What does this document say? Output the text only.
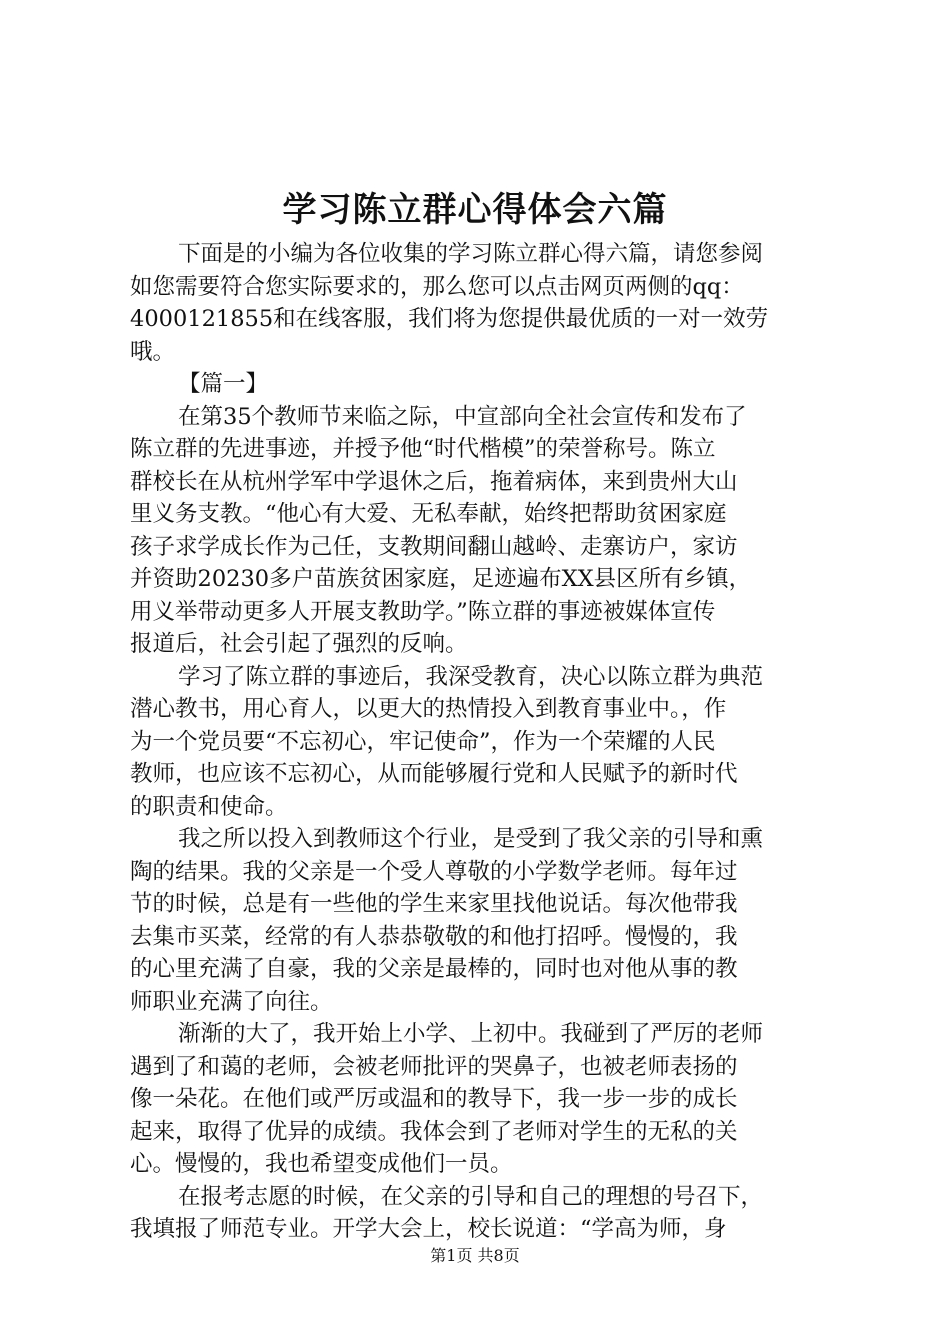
学习陈立群心得体会六篇
下面是的小编为各位收集的学习陈立群心得六篇，请您参阅
如您需要符合您实际要求的，那么您可以点击网页两侧的qq：
4000121855和在线客服，我们将为您提供最优质的一对一效劳
哦。
【篇一】
在第35个教师节来临之际，中宣部向全社会宣传和发布了
陈立群的先进事迹，并授予他“时代楷模”的荣誉称号。陈立
群校长在从杭州学军中学退休之后，拖着病体，来到贵州大山
里义务支教。“他心有大爱、无私奉献，始终把帮助贫困家庭
孩子求学成长作为己任，支教期间翻山越岭、走寨访户，家访
并资助20230多户苗族贫困家庭，足迹遍布XX县区所有乡镇，
用义举带动更多人开展支教助学。”陈立群的事迹被媒体宣传
报道后，社会引起了强烈的反响。
学习了陈立群的事迹后，我深受教育，决心以陈立群为典范
潜心教书，用心育人，以更大的热情投入到教育事业中。，作
为一个党员要“不忘初心，牢记使命”，作为一个荣耀的人民
教师，也应该不忘初心，从而能够履行党和人民赋予的新时代
的职责和使命。
我之所以投入到教师这个行业，是受到了我父亲的引导和熏
陶的结果。我的父亲是一个受人尊敬的小学数学老师。每年过
节的时候，总是有一些他的学生来家里找他说话。每次他带我
去集市买菜，经常的有人恭恭敬敬的和他打招呼。慢慢的，我
的心里充满了自豪，我的父亲是最棒的，同时也对他从事的教
师职业充满了向往。
渐渐的大了，我开始上小学、上初中。我碰到了严厉的老师
遇到了和蔼的老师，会被老师批评的哭鼻子，也被老师表扬的
像一朵花。在他们或严厉或温和的教导下，我一步一步的成长
起来，取得了优异的成绩。我体会到了老师对学生的无私的关
心。慢慢的，我也希望变成他们一员。
在报考志愿的时候，在父亲的引导和自己的理想的号召下，
我填报了师范专业。开学大会上，校长说道：“学高为师，身
第1页 共8页
